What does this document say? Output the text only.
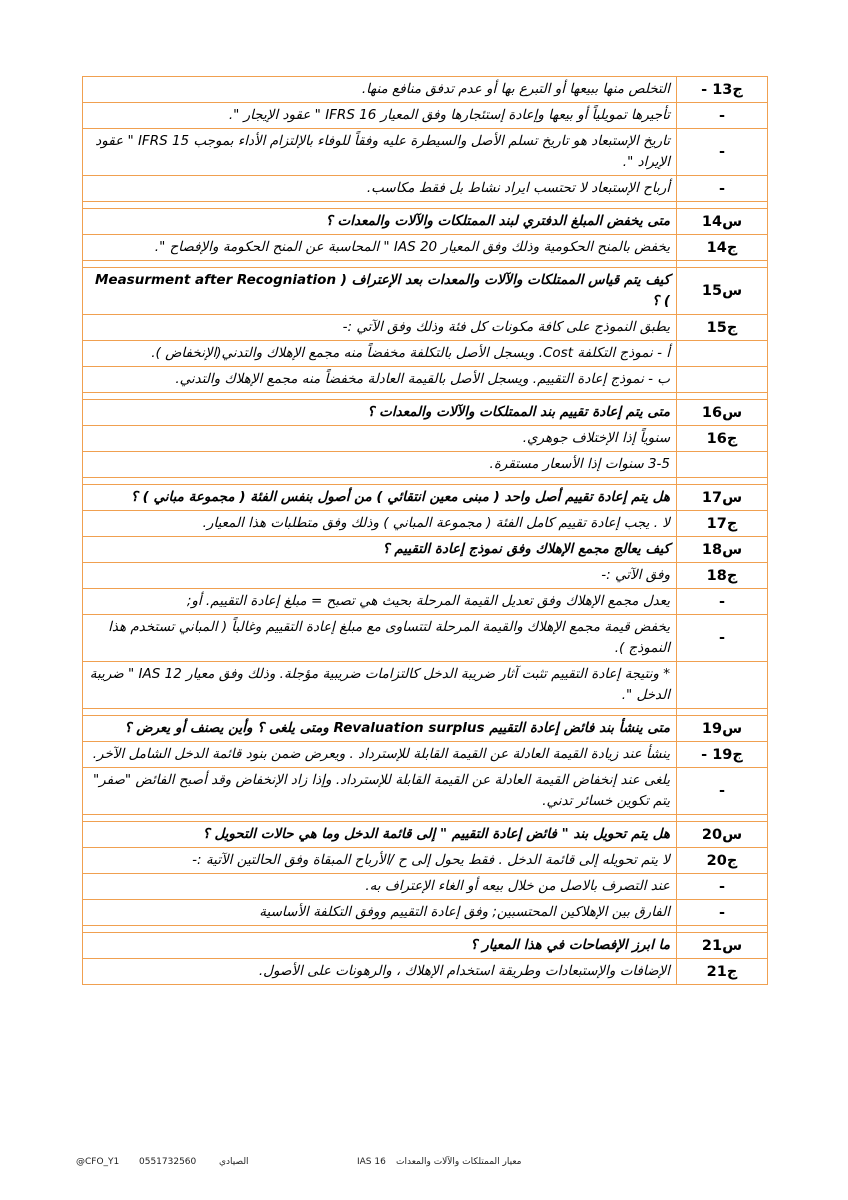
ج13 -	التخلص منها ببيعها أو التبرع بها أو عدم تدفق منافع منها.
-	تأجيرها تمويلياً أو بيعها وإعادة إستئجارها وفق المعيار IFRS 16 " عقود الإيجار ".
-	تاريخ الإستبعاد هو تاريخ تسلم الأصل والسيطرة عليه وفقاً للوفاء بالإلتزام الأداء بموجب IFRS 15 " عقود الإيراد ".
-	أرباح الإستبعاد لا تحتسب ايراد نشاط بل فقط مكاسب.

س14	متى يخفض المبلغ الدفتري لبند الممتلكات والآلات والمعدات ؟
ج14	يخفض بالمنح الحكومية وذلك وفق المعيار IAS 20 " المحاسبة عن المنح الحكومة والإفصاح ".

س15	كيف يتم قياس الممتلكات والآلات والمعدات بعد الإعتراف ( Measurment after Recogniation ) ؟
ج15	يطبق النموذج على كافة مكونات كل فئة وذلك وفق الآتي :-
	أ - نموذج التكلفة Cost. ويسجل الأصل بالتكلفة مخفضاً منه مجمع الإهلاك والتدني(الإنخفاض ).
	ب - نموذج إعادة التقييم. ويسجل الأصل بالقيمة العادلة مخفضاً منه مجمع الإهلاك والتدني.

س16	متى يتم إعادة تقييم بند الممتلكات والآلات والمعدات ؟
ج16	سنوياً إذا الإختلاف جوهري.
	3-5 سنوات إذا الأسعار مستقرة.

س17	هل يتم إعادة تقييم أصل واحد ( مبنى معين انتقائي ) من أصول بنفس الفئة ( مجموعة مباني ) ؟
ج17	لا . يجب إعادة تقييم كامل الفئة ( مجموعة المباني ) وذلك وفق متطلبات هذا المعيار.
س18	كيف يعالج مجمع الإهلاك وفق نموذج إعادة التقييم ؟
ج18	وفق الآتي :-
-	يعدل مجمع الإهلاك وفق تعديل القيمة المرحلة بحيث هي تصبح = مبلغ إعادة التقييم. أو;
-	يخفض قيمة مجمع الإهلاك والقيمة المرحلة لتتساوى مع مبلغ إعادة التقييم وغالباً ( المباني تستخدم هذا النموذج ).
	* ونتيجة إعادة التقييم تثبت آثار ضريبة الدخل كالتزامات ضريبية مؤجلة. وذلك وفق معيار IAS 12 " ضريبة الدخل ".

س19	متى ينشأ بند فائض إعادة التقييم Revaluation surplus ومتى يلغى ؟ وأين يصنف أو يعرض ؟
ج19 -	ينشأ عند زيادة القيمة العادلة عن القيمة القابلة للإسترداد . ويعرض ضمن بنود قائمة الدخل الشامل الآخر.
-	يلغى عند إنخفاض القيمة العادلة عن القيمة القابلة للإسترداد. وإذا زاد الإنخفاض وقد أصبح الفائض "صفر" يتم تكوين خسائر تدني.

س20	هل يتم تحويل بند " فائض إعادة التقييم " إلى قائمة الدخل وما هي حالات التحويل ؟
ج20	لا يتم تحويله إلى قائمة الدخل . فقط يحول إلى ح /الأرباح المبقاة وفق الحالتين الآتية :-
-	عند التصرف بالاصل من خلال بيعه أو الغاء الإعتراف به.
-	الفارق بين الإهلاكين المحتسبين; وفق إعادة التقييم ووفق التكلفة الأساسية

س21	ما ابرز الإفصاحات في هذا المعيار ؟
ج21	الإضافات والإستبعادات وطريقة استخدام الإهلاك ، والرهونات على الأصول.
@CFO_Y1 0551732560	الصيادي	IAS 16 معيار الممتلكات والآلات والمعدات
